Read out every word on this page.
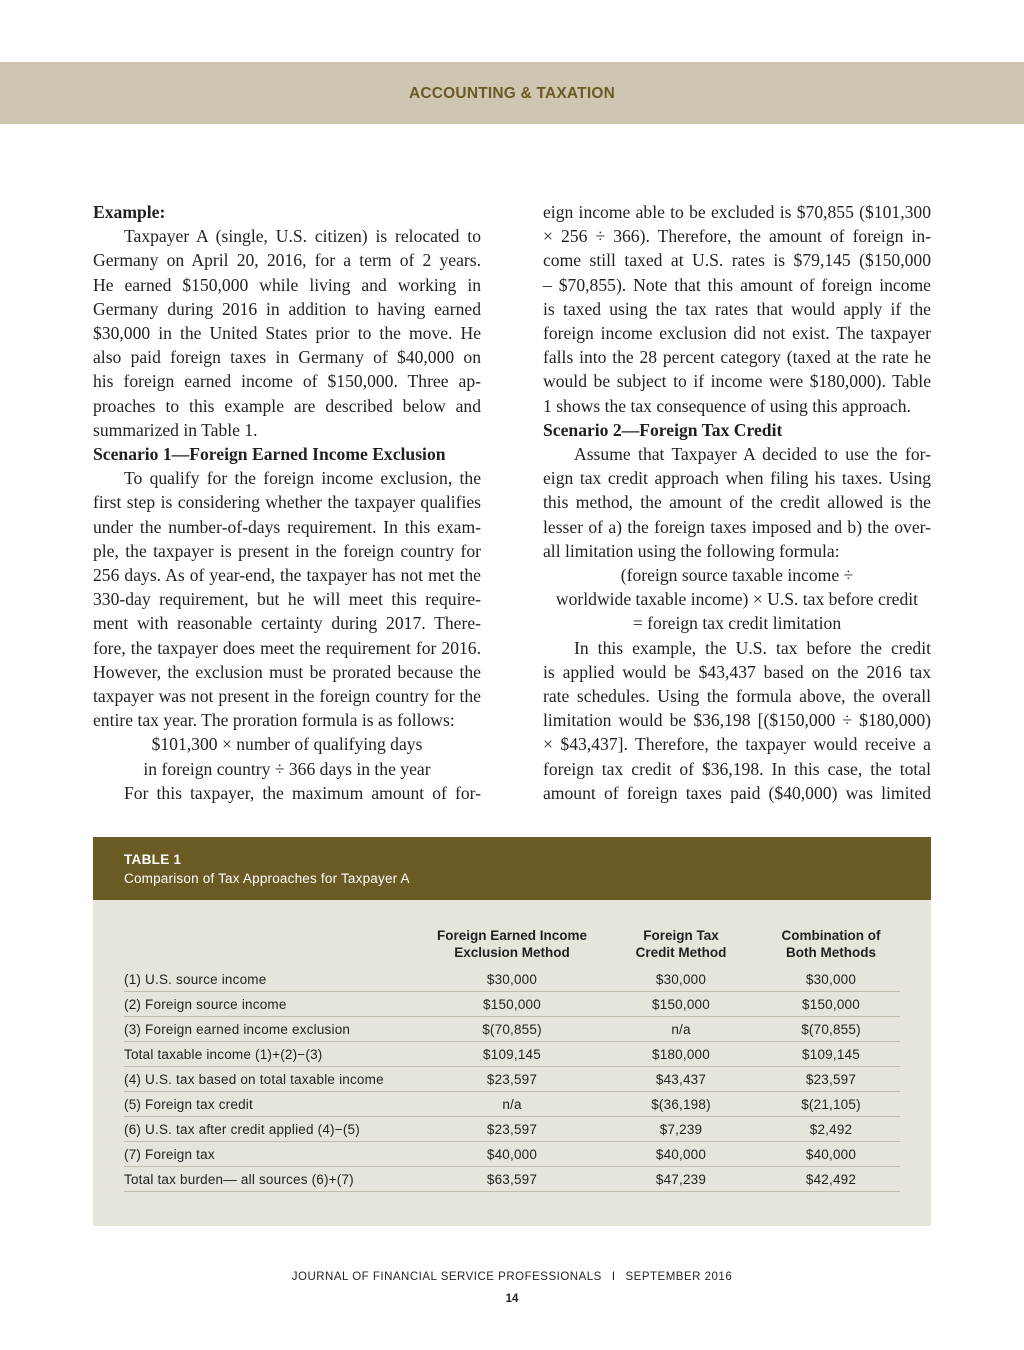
ACCOUNTING & TAXATION

Example:

Taxpayer A (single, U.S. citizen) is relocated to

Germany on April 20, 2016, for a term of 2 years.

He earned $150,000 while living and working in

Germany during 2016 in addition to having earned

$30,000 in the United States prior to the move. He

also paid foreign taxes in Germany of $40,000 on

his foreign earned income of $150,000. Three ap-

proaches to this example are described below and

summarized in Table 1.

Scenario 1—Foreign Earned Income Exclusion

To qualify for the foreign income exclusion, the

first step is considering whether the taxpayer qualifies

under the number-of-days requirement. In this exam-

ple, the taxpayer is present in the foreign country for

256 days. As of year-end, the taxpayer has not met the

330-day requirement, but he will meet this require-

ment with reasonable certainty during 2017. There-

fore, the taxpayer does meet the requirement for 2016.

However, the exclusion must be prorated because the

taxpayer was not present in the foreign country for the

entire tax year. The proration formula is as follows:

$101,300 × number of qualifying days

in foreign country ÷ 366 days in the year

For this taxpayer, the maximum amount of for-

eign income able to be excluded is $70,855 ($101,300

× 256 ÷ 366). Therefore, the amount of foreign in-

come still taxed at U.S. rates is $79,145 ($150,000

– $70,855). Note that this amount of foreign income

is taxed using the tax rates that would apply if the

foreign income exclusion did not exist. The taxpayer

falls into the 28 percent category (taxed at the rate he

would be subject to if income were $180,000). Table

1 shows the tax consequence of using this approach.

Scenario 2—Foreign Tax Credit

Assume that Taxpayer A decided to use the for-

eign tax credit approach when filing his taxes. Using

this method, the amount of the credit allowed is the

lesser of a) the foreign taxes imposed and b) the over-

all limitation using the following formula:

(foreign source taxable income ÷

worldwide taxable income) × U.S. tax before credit

= foreign tax credit limitation

In this example, the U.S. tax before the credit

is applied would be $43,437 based on the 2016 tax

rate schedules. Using the formula above, the overall

limitation would be $36,198 [($150,000 ÷ $180,000)

× $43,437]. Therefore, the taxpayer would receive a

foreign tax credit of $36,198. In this case, the total

amount of foreign taxes paid ($40,000) was limited

TABLE 1
Comparison of Tax Approaches for Taxpayer A
	Foreign Earned Income
Exclusion Method	Foreign Tax
Credit Method	Combination of
Both Methods
(1) U.S. source income	$30,000	$30,000	$30,000
(2) Foreign source income	$150,000	$150,000	$150,000
(3) Foreign earned income exclusion	$(70,855)	n/a	$(70,855)
Total taxable income (1)+(2)−(3)	$109,145	$180,000	$109,145
(4) U.S. tax based on total taxable income	$23,597	$43,437	$23,597
(5) Foreign tax credit	n/a	$(36,198)	$(21,105)
(6) U.S. tax after credit applied (4)−(5)	$23,597	$7,239	$2,492
(7) Foreign tax	$40,000	$40,000	$40,000
Total tax burden— all sources (6)+(7)	$63,597	$47,239	$42,492
JOURNAL OF FINANCIAL SERVICE PROFESSIONALS I SEPTEMBER 2016
14
